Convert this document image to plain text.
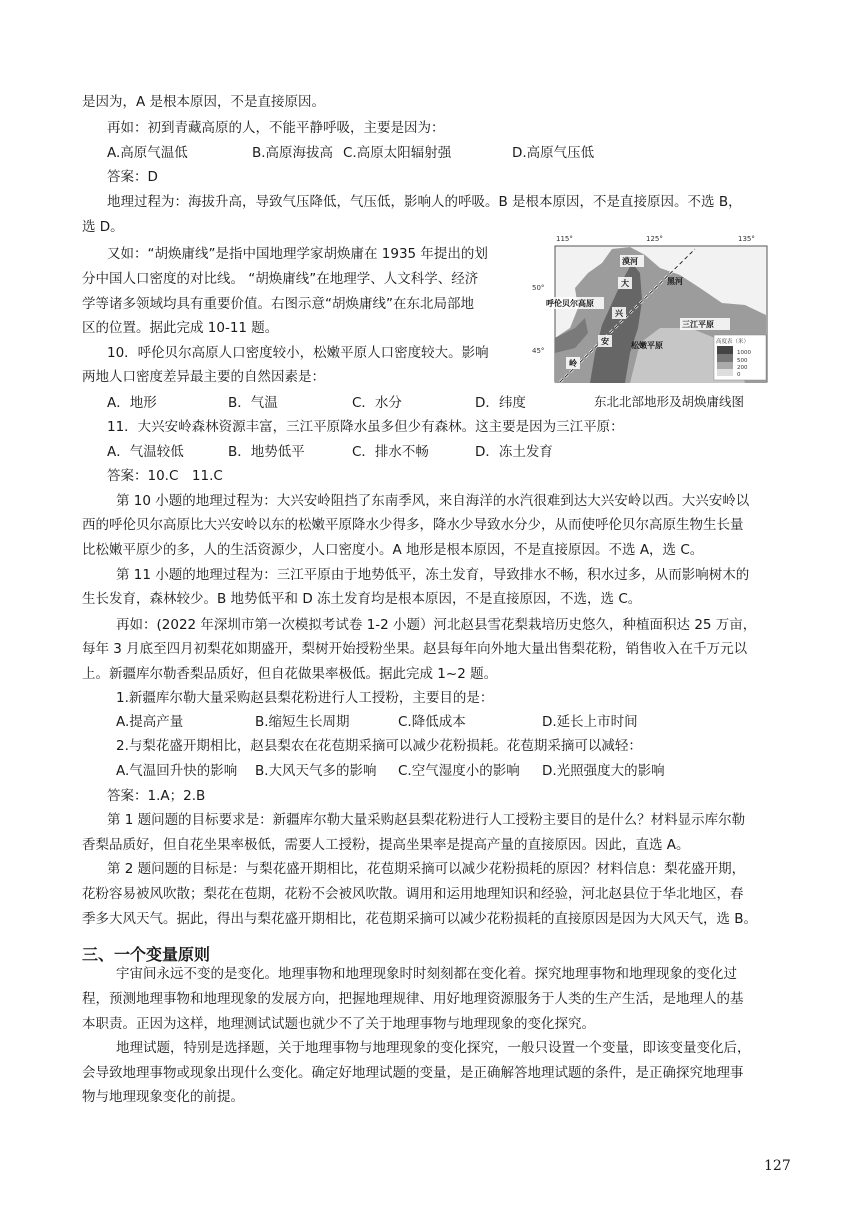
是因为，A 是根本原因，不是直接原因。
再如：初到青藏高原的人，不能平静呼吸，主要是因为：
A.高原气温低	B.高原海拔高 C.高原太阳辐射强	D.高原气压低
答案：D
地理过程为：海拔升高，导致气压降低，气压低，影响人的呼吸。B 是根本原因，不是直接原因。不选 B，
选 D。
又如：“胡焕庸线”是指中国地理学家胡焕庸在 1935 年提出的划
分中国人口密度的对比线。 “胡焕庸线”在地理学、人文科学、经济
学等诸多领域均具有重要价值。右图示意“胡焕庸线”在东北局部地
区的位置。据此完成 10-11 题。
10．呼伦贝尔高原人口密度较小，松嫩平原人口密度较大。影响
两地人口密度差异最主要的自然因素是：
A．地形	B．气温	C．水分	D．纬度
11．大兴安岭森林资源丰富，三江平原降水虽多但少有森林。这主要是因为三江平原：
A．气温较低	B．地势低平	C．排水不畅	D．冻土发育
答案：10.C　11.C
第 10 小题的地理过程为：大兴安岭阻挡了东南季风，来自海洋的水汽很难到达大兴安岭以西。大兴安岭以
西的呼伦贝尔高原比大兴安岭以东的松嫩平原降水少得多，降水少导致水分少，从而使呼伦贝尔高原生物生长量
比松嫩平原少的多，人的生活资源少，人口密度小。A 地形是根本原因，不是直接原因。不选 A，选 C。
第 11 小题的地理过程为：三江平原由于地势低平，冻土发育，导致排水不畅，积水过多，从而影响树木的
生长发育，森林较少。B 地势低平和 D 冻土发育均是根本原因，不是直接原因，不选，选 C。
再如：(2022 年深圳市第一次模拟考试卷 1-2 小题）河北赵县雪花梨栽培历史悠久，种植面积达 25 万亩，
每年 3 月底至四月初梨花如期盛开，梨树开始授粉坐果。赵县每年向外地大量出售梨花粉，销售收入在千万元以
上。新疆库尔勒香梨品质好，但自花做果率极低。据此完成 1~2 题。
1.新疆库尔勒大量采购赵县梨花粉进行人工授粉，主要目的是：
A.提高产量	B.缩短生长周期	C.降低成本	D.延长上市时间
2.与梨花盛开期相比，赵县梨农在花苞期采摘可以减少花粉损耗。花苞期采摘可以减轻：
A.气温回升快的影响 B.大风天气多的影响 C.空气湿度小的影响 D.光照强度大的影响
答案：1.A；2.B
第 1 题问题的目标要求是：新疆库尔勒大量采购赵县梨花粉进行人工授粉主要目的是什么？材料显示库尔勒
香梨品质好，但自花坐果率极低，需要人工授粉，提高坐果率是提高产量的直接原因。因此，直选 A。
第 2 题问题的目标是：与梨花盛开期相比，花苞期采摘可以减少花粉损耗的原因？材料信息：梨花盛开期，
花粉容易被风吹散；梨花在苞期，花粉不会被风吹散。调用和运用地理知识和经验，河北赵县位于华北地区，春
季多大风天气。据此，得出与梨花盛开期相比，花苞期采摘可以减少花粉损耗的直接原因是因为大风天气，选 B。
三、一个变量原则
宇宙间永远不变的是变化。地理事物和地理现象时时刻刻都在变化着。探究地理事物和地理现象的变化过
程，预测地理事物和地理现象的发展方向，把握地理规律、用好地理资源服务于人类的生产生活，是地理人的基
本职责。正因为这样，地理测试试题也就少不了关于地理事物与地理现象的变化探究。
地理试题，特别是选择题，关于地理事物与地理现象的变化探究，一般只设置一个变量，即该变量变化后，
会导致地理事物或现象出现什么变化。确定好地理试题的变量，是正确解答地理试题的条件，是正确探究地理事
物与地理现象变化的前提。
115°	125°	135°
50°
45°
漠河
大	黑河
呼伦贝尔高原
兴
三江平原
安	松嫩平原
岭
高度表（米）
1000
500
200
0
东北北部地形及胡焕庸线图
127
